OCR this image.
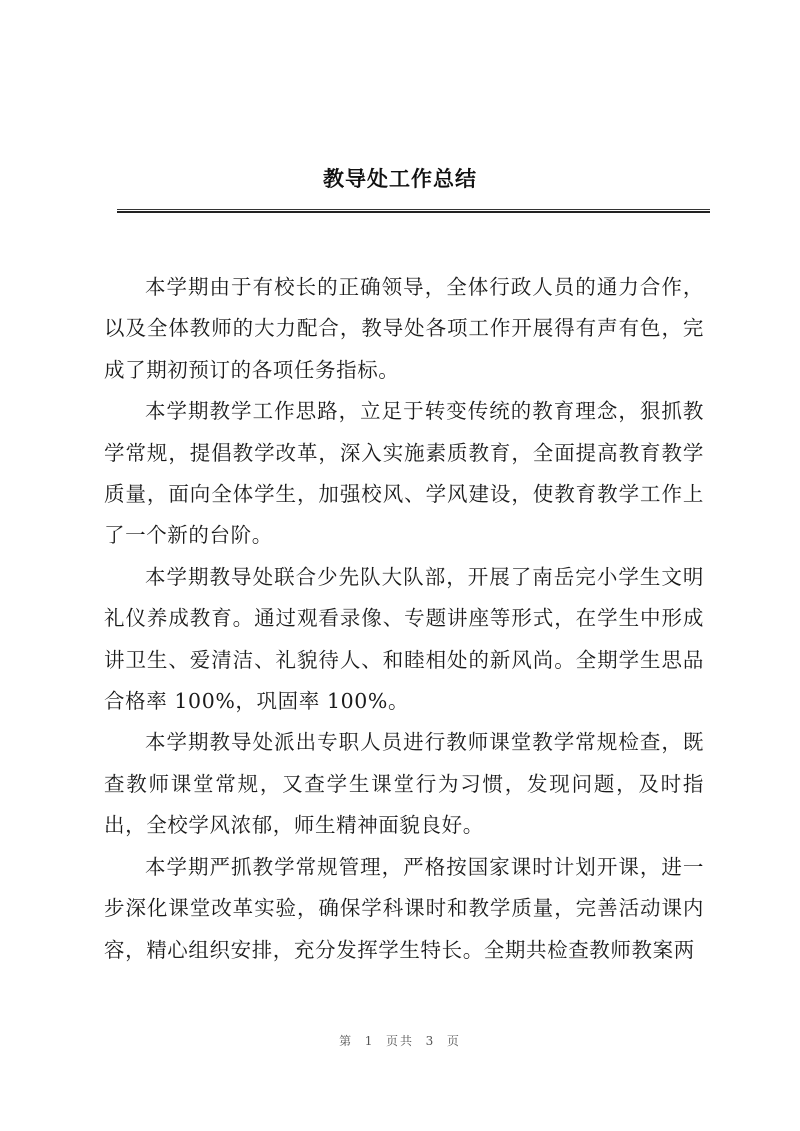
教导处工作总结

本学期由于有校长的正确领导，全体行政人员的通力合作，以及全体教师的大力配合，教导处各项工作开展得有声有色，完成了期初预订的各项任务指标。

本学期教学工作思路，立足于转变传统的教育理念，狠抓教学常规，提倡教学改革，深入实施素质教育，全面提高教育教学质量，面向全体学生，加强校风、学风建设，使教育教学工作上了一个新的台阶。

本学期教导处联合少先队大队部，开展了南岳完小学生文明礼仪养成教育。通过观看录像、专题讲座等形式，在学生中形成讲卫生、爱清洁、礼貌待人、和睦相处的新风尚。全期学生思品合格率 100%，巩固率 100%。

本学期教导处派出专职人员进行教师课堂教学常规检查，既查教师课堂常规，又查学生课堂行为习惯，发现问题，及时指出，全校学风浓郁，师生精神面貌良好。

本学期严抓教学常规管理，严格按国家课时计划开课，进一步深化课堂改革实验，确保学科课时和教学质量，完善活动课内容，精心组织安排，充分发挥学生特长。全期共检查教师教案两

第  1  页共  3  页
